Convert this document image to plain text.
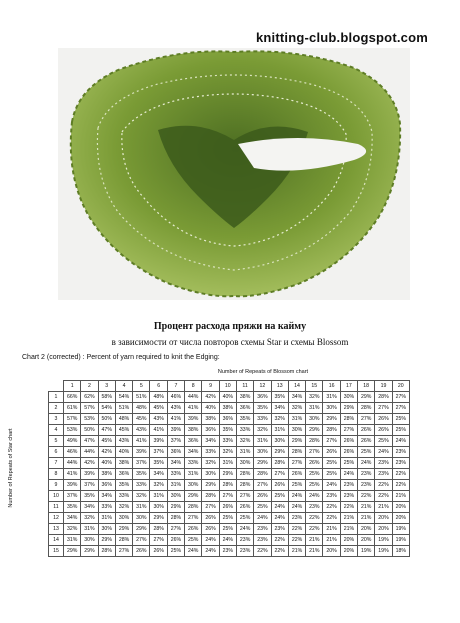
knitting-club.blogspot.com
Процент расхода пряжи на кайму
в зависимости от числа повторов схемы Star и схемы Blossom
Chart 2 (corrected) : Percent of yarn required to knit the Edging:
Number of Repeats of Blossom chart
Number of Repeats of Star chart
	1	2	3	4	5	6	7	8	9	10	11	12	13	14	15	16	17	18	19	20
1	66%	62%	58%	54%	51%	48%	46%	44%	42%	40%	38%	36%	35%	34%	32%	31%	30%	29%	28%	27%
2	61%	57%	54%	51%	48%	45%	43%	41%	40%	38%	36%	35%	34%	32%	31%	30%	29%	28%	27%	27%
3	57%	53%	50%	48%	45%	43%	41%	39%	38%	36%	35%	33%	32%	31%	30%	29%	28%	27%	26%	25%
4	53%	50%	47%	45%	43%	41%	39%	38%	36%	35%	33%	32%	31%	30%	29%	28%	27%	26%	26%	25%
5	49%	47%	45%	43%	41%	39%	37%	36%	34%	33%	32%	31%	30%	29%	28%	27%	26%	26%	25%	24%
6	46%	44%	42%	40%	39%	37%	36%	34%	33%	32%	31%	30%	29%	28%	27%	26%	26%	25%	24%	23%
7	44%	42%	40%	38%	37%	35%	34%	33%	32%	31%	30%	29%	28%	27%	26%	25%	25%	24%	23%	23%
8	41%	39%	38%	36%	35%	34%	33%	31%	30%	29%	28%	28%	27%	26%	25%	25%	24%	23%	23%	22%
9	39%	37%	36%	35%	33%	32%	31%	30%	29%	28%	28%	27%	26%	25%	25%	24%	23%	23%	22%	22%
10	37%	35%	34%	33%	32%	31%	30%	29%	28%	27%	27%	26%	25%	24%	24%	23%	23%	22%	22%	21%
11	35%	34%	33%	32%	31%	30%	29%	28%	27%	26%	26%	25%	24%	24%	23%	22%	22%	21%	21%	20%
12	34%	32%	31%	30%	30%	29%	28%	27%	26%	25%	25%	24%	24%	23%	22%	22%	21%	21%	20%	20%
13	32%	31%	30%	29%	29%	28%	27%	26%	26%	25%	24%	23%	23%	22%	22%	21%	21%	20%	20%	19%
14	31%	30%	29%	28%	27%	27%	26%	25%	24%	24%	23%	23%	22%	22%	21%	21%	20%	20%	19%	19%
15	29%	29%	28%	27%	26%	26%	25%	24%	24%	23%	23%	22%	22%	21%	21%	20%	20%	19%	19%	18%
